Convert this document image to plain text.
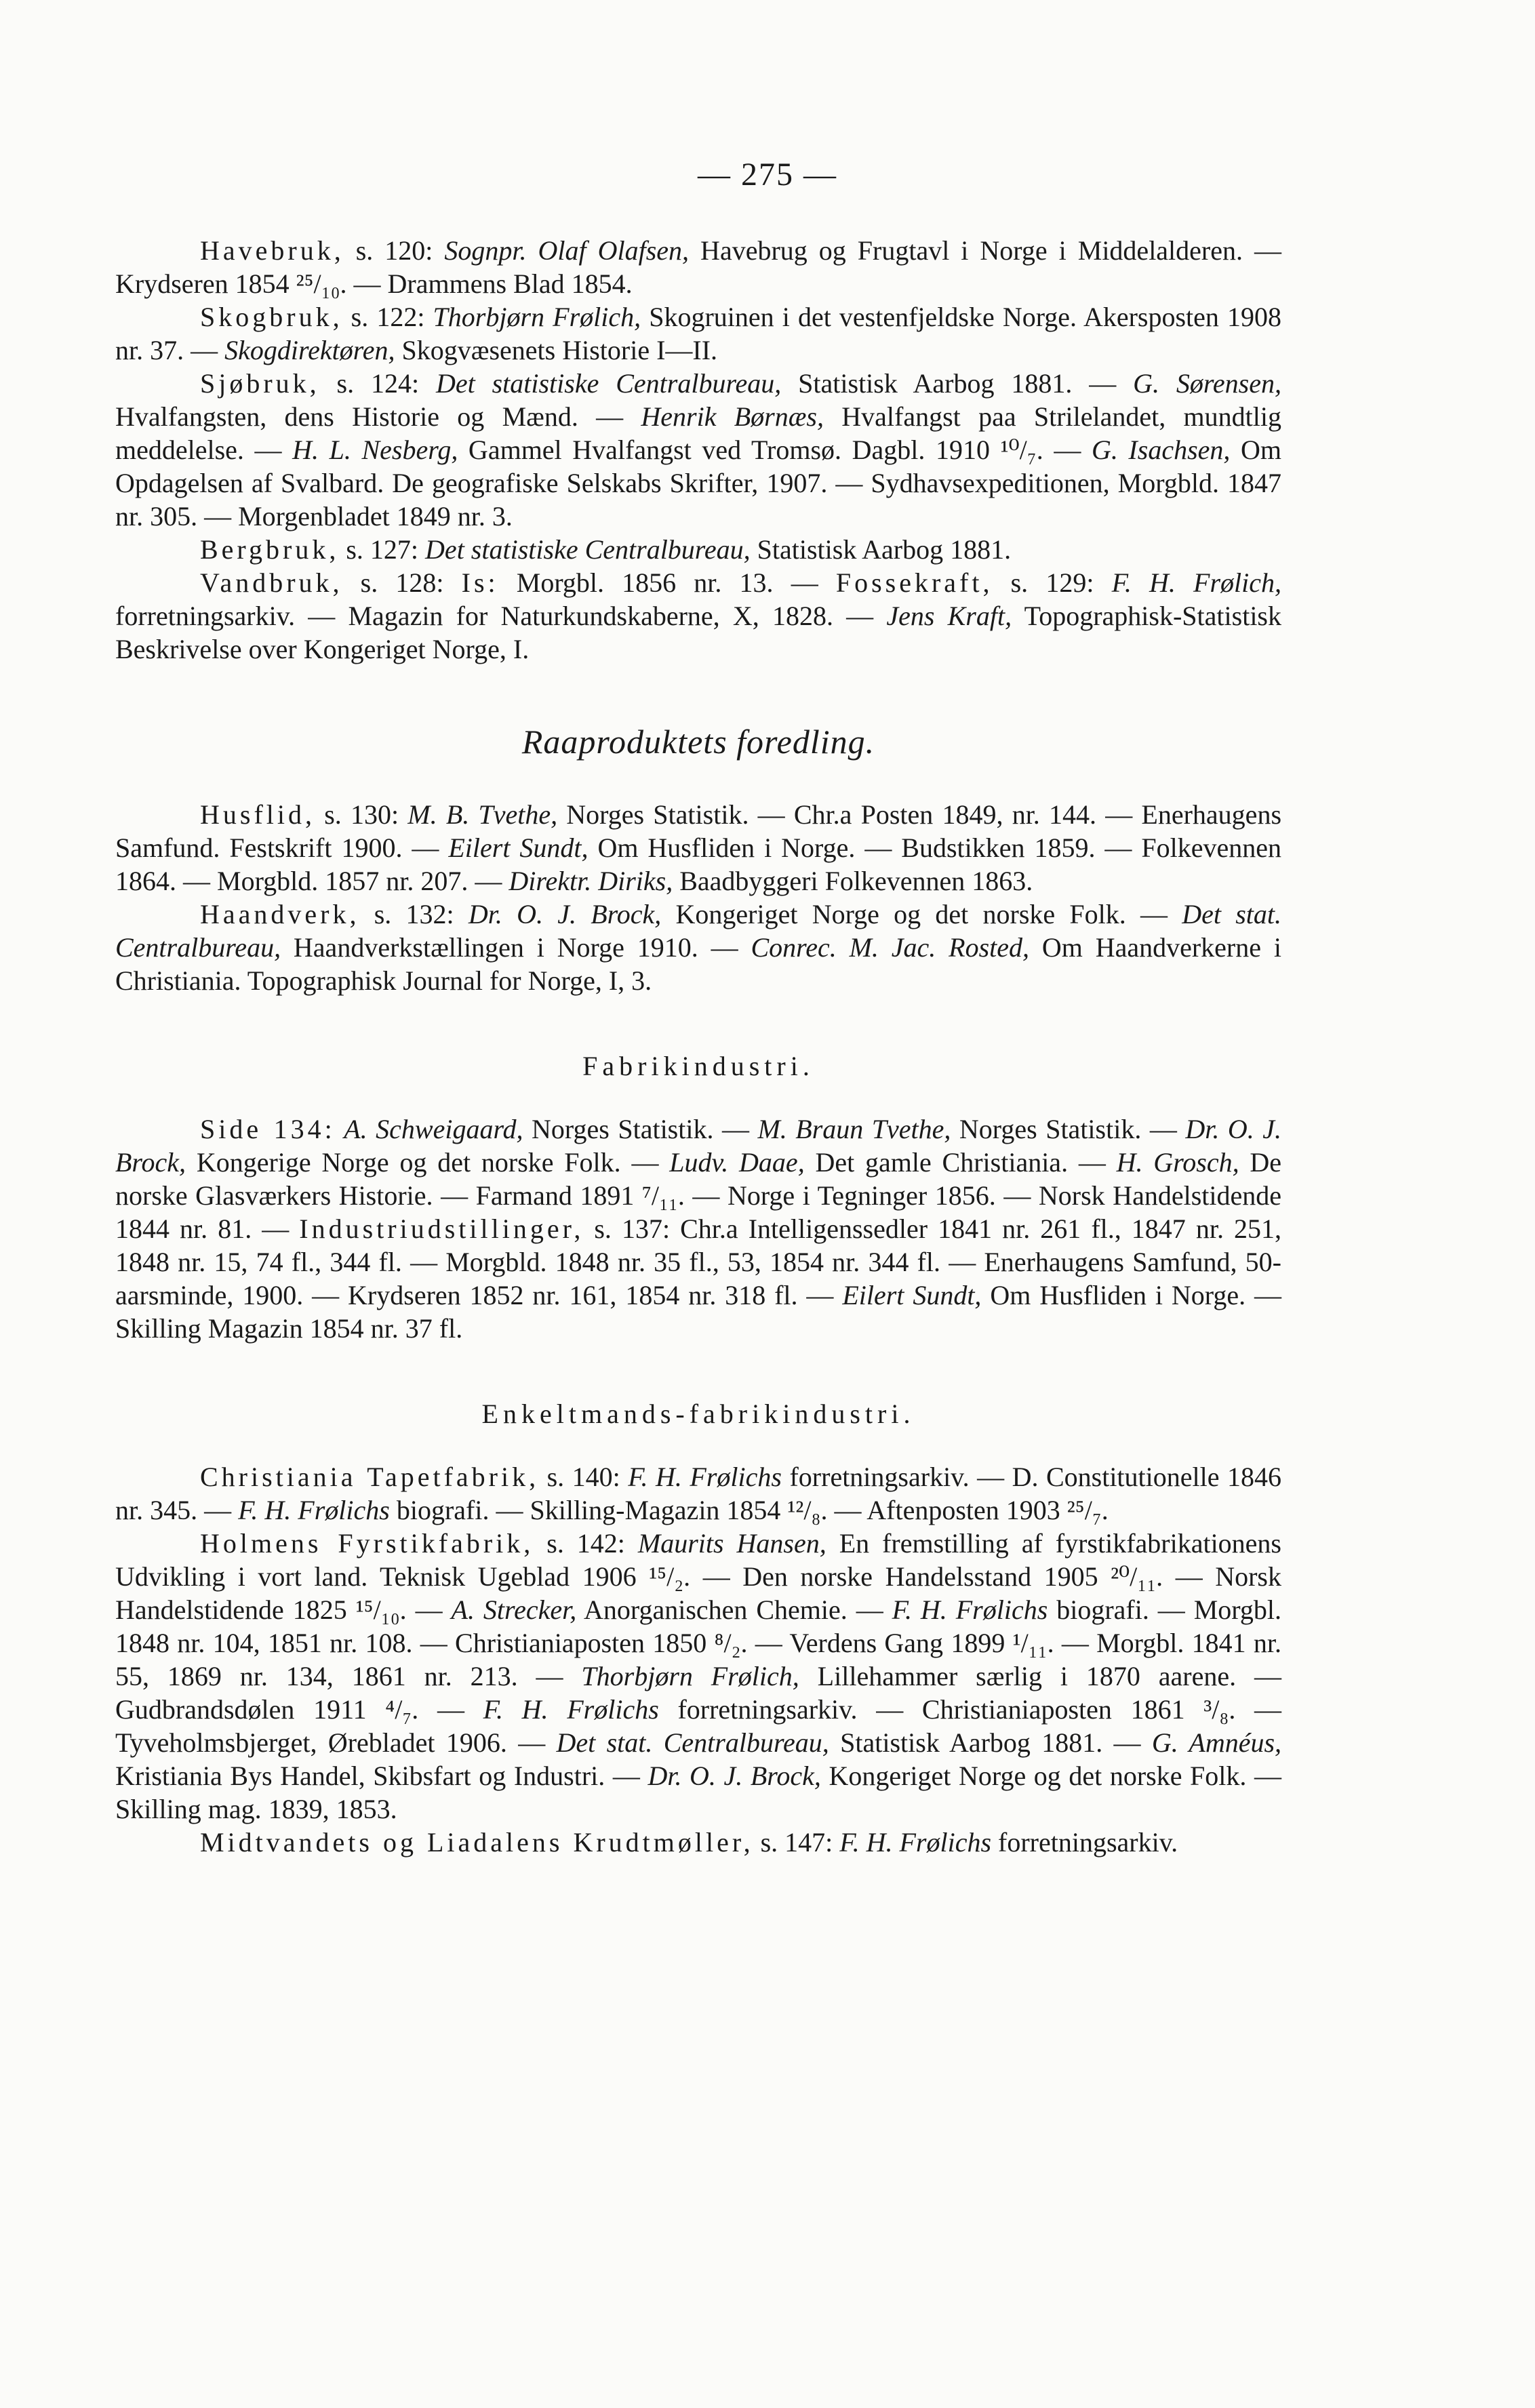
— 275 —

Havebruk, s. 120: Sognpr. Olaf Olafsen, Havebrug og Frugtavl i Norge i Middelalderen. — Krydseren 1854 ²⁵/₁₀. — Drammens Blad 1854.

Skogbruk, s. 122: Thorbjørn Frølich, Skogruinen i det vestenfjeldske Norge. Akersposten 1908 nr. 37. — Skogdirektøren, Skogvæsenets Historie I—II.

Sjøbruk, s. 124: Det statistiske Centralbureau, Statistisk Aarbog 1881. — G. Sørensen, Hvalfangsten, dens Historie og Mænd. — Henrik Børnæs, Hvalfangst paa Strilelandet, mundtlig meddelelse. — H. L. Nesberg, Gammel Hvalfangst ved Tromsø. Dagbl. 1910 ¹⁰/₇. — G. Isachsen, Om Opdagelsen af Svalbard. De geografiske Selskabs Skrifter, 1907. — Sydhavsexpeditionen, Morgbld. 1847 nr. 305. — Morgenbladet 1849 nr. 3.

Bergbruk, s. 127: Det statistiske Centralbureau, Statistisk Aarbog 1881.

Vandbruk, s. 128: Is: Morgbl. 1856 nr. 13. — Fossekraft, s. 129: F. H. Frølich, forretningsarkiv. — Magazin for Naturkundskaberne, X, 1828. — Jens Kraft, Topographisk-Statistisk Beskrivelse over Kongeriget Norge, I.

Raaproduktets foredling.

Husflid, s. 130: M. B. Tvethe, Norges Statistik. — Chr.a Posten 1849, nr. 144. — Enerhaugens Samfund. Festskrift 1900. — Eilert Sundt, Om Husfliden i Norge. — Budstikken 1859. — Folkevennen 1864. — Morgbld. 1857 nr. 207. — Direktr. Diriks, Baadbyggeri Folkevennen 1863.

Haandverk, s. 132: Dr. O. J. Brock, Kongeriget Norge og det norske Folk. — Det stat. Centralbureau, Haandverkstællingen i Norge 1910. — Conrec. M. Jac. Rosted, Om Haandverkerne i Christiania. Topographisk Journal for Norge, I, 3.

Fabrikindustri.

Side 134: A. Schweigaard, Norges Statistik. — M. Braun Tvethe, Norges Statistik. — Dr. O. J. Brock, Kongerige Norge og det norske Folk. — Ludv. Daae, Det gamle Christiania. — H. Grosch, De norske Glasværkers Historie. — Farmand 1891 ⁷/₁₁. — Norge i Tegninger 1856. — Norsk Handelstidende 1844 nr. 81. — Industriudstillinger, s. 137: Chr.a Intelligenssedler 1841 nr. 261 fl., 1847 nr. 251, 1848 nr. 15, 74 fl., 344 fl. — Morgbld. 1848 nr. 35 fl., 53, 1854 nr. 344 fl. — Enerhaugens Samfund, 50-aarsminde, 1900. — Krydseren 1852 nr. 161, 1854 nr. 318 fl. — Eilert Sundt, Om Husfliden i Norge. — Skilling Magazin 1854 nr. 37 fl.

Enkeltmands-fabrikindustri.

Christiania Tapetfabrik, s. 140: F. H. Frølichs forretningsarkiv. — D. Constitutionelle 1846 nr. 345. — F. H. Frølichs biografi. — Skilling-Magazin 1854 ¹²/₈. — Aftenposten 1903 ²⁵/₇.

Holmens Fyrstikfabrik, s. 142: Maurits Hansen, En fremstilling af fyrstikfabrikationens Udvikling i vort land. Teknisk Ugeblad 1906 ¹⁵/₂. — Den norske Handelsstand 1905 ²⁰/₁₁. — Norsk Handelstidende 1825 ¹⁵/₁₀. — A. Strecker, Anorganischen Chemie. — F. H. Frølichs biografi. — Morgbl. 1848 nr. 104, 1851 nr. 108. — Christianiaposten 1850 ⁸/₂. — Verdens Gang 1899 ¹/₁₁. — Morgbl. 1841 nr. 55, 1869 nr. 134, 1861 nr. 213. — Thorbjørn Frølich, Lillehammer særlig i 1870 aarene. — Gudbrandsdølen 1911 ⁴/₇. — F. H. Frølichs forretningsarkiv. — Christianiaposten 1861 ³/₈. — Tyveholmsbjerget, Ørebladet 1906. — Det stat. Centralbureau, Statistisk Aarbog 1881. — G. Amnéus, Kristiania Bys Handel, Skibsfart og Industri. — Dr. O. J. Brock, Kongeriget Norge og det norske Folk. — Skilling mag. 1839, 1853.

Midtvandets og Liadalens Krudtmøller, s. 147: F. H. Frølichs forretningsarkiv.
